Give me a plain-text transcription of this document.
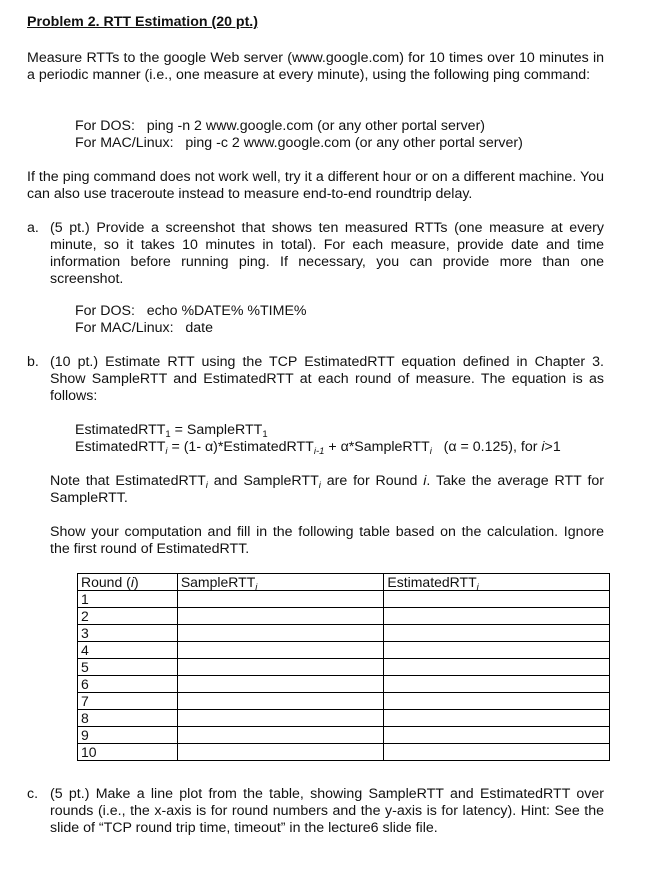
Problem 2. RTT Estimation (20 pt.)
Measure RTTs to the google Web server (www.google.com) for 10 times over 10 minutes in a periodic manner (i.e., one measure at every minute), using the following ping command:
For DOS:   ping -n 2 www.google.com (or any other portal server)
For MAC/Linux:   ping -c 2 www.google.com (or any other portal server)
If the ping command does not work well, try it a different hour or on a different machine. You can also use traceroute instead to measure end-to-end roundtrip delay.
a. (5 pt.) Provide a screenshot that shows ten measured RTTs (one measure at every minute, so it takes 10 minutes in total). For each measure, provide date and time information before running ping. If necessary, you can provide more than one screenshot.
For DOS:   echo %DATE% %TIME%
For MAC/Linux:   date
b. (10 pt.) Estimate RTT using the TCP EstimatedRTT equation defined in Chapter 3. Show SampleRTT and EstimatedRTT at each round of measure. The equation is as follows:
EstimatedRTT$_1$ = SampleRTT$_1$
EstimatedRTT$_i$ = (1- α)*EstimatedRTT$_{i-1}$ + α*SampleRTT$_i$   (α = 0.125), for i>1
Note that EstimatedRTT$_i$ and SampleRTT$_i$ are for Round i. Take the average RTT for SampleRTT.
Show your computation and fill in the following table based on the calculation. Ignore the first round of EstimatedRTT.
Round (i)	SampleRTT$_i$	EstimatedRTT$_i$
1		
2		
3		
4		
5		
6		
7		
8		
9		
10		
c. (5 pt.) Make a line plot from the table, showing SampleRTT and EstimatedRTT over rounds (i.e., the x-axis is for round numbers and the y-axis is for latency). Hint: See the slide of “TCP round trip time, timeout” in the lecture6 slide file.
